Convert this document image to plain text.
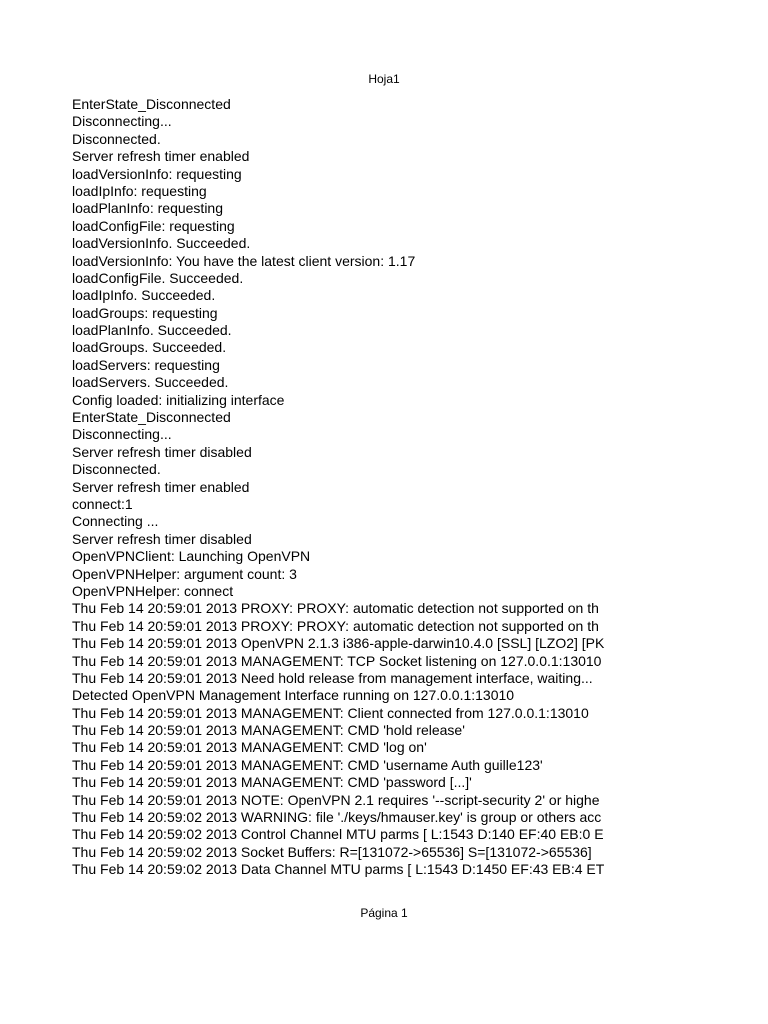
Hoja1
EnterState_Disconnected
Disconnecting...
Disconnected.
Server refresh timer enabled
loadVersionInfo: requesting
loadIpInfo: requesting
loadPlanInfo: requesting
loadConfigFile: requesting
loadVersionInfo. Succeeded.
loadVersionInfo: You have the latest client version: 1.17
loadConfigFile. Succeeded.
loadIpInfo. Succeeded.
loadGroups: requesting
loadPlanInfo. Succeeded.
loadGroups. Succeeded.
loadServers: requesting
loadServers. Succeeded.
Config loaded: initializing interface
EnterState_Disconnected
Disconnecting...
Server refresh timer disabled
Disconnected.
Server refresh timer enabled
connect:1
Connecting ...
Server refresh timer disabled
OpenVPNClient: Launching OpenVPN
OpenVPNHelper: argument count: 3
OpenVPNHelper: connect
Thu Feb 14 20:59:01 2013 PROXY: PROXY: automatic detection not supported on th
Thu Feb 14 20:59:01 2013 PROXY: PROXY: automatic detection not supported on th
Thu Feb 14 20:59:01 2013 OpenVPN 2.1.3 i386-apple-darwin10.4.0 [SSL] [LZO2] [PK
Thu Feb 14 20:59:01 2013 MANAGEMENT: TCP Socket listening on 127.0.0.1:13010
Thu Feb 14 20:59:01 2013 Need hold release from management interface, waiting...
Detected OpenVPN Management Interface running on 127.0.0.1:13010
Thu Feb 14 20:59:01 2013 MANAGEMENT: Client connected from 127.0.0.1:13010
Thu Feb 14 20:59:01 2013 MANAGEMENT: CMD 'hold release'
Thu Feb 14 20:59:01 2013 MANAGEMENT: CMD 'log on'
Thu Feb 14 20:59:01 2013 MANAGEMENT: CMD 'username Auth guille123'
Thu Feb 14 20:59:01 2013 MANAGEMENT: CMD 'password [...]'
Thu Feb 14 20:59:01 2013 NOTE: OpenVPN 2.1 requires '--script-security 2' or highe
Thu Feb 14 20:59:02 2013 WARNING: file './keys/hmauser.key' is group or others acc
Thu Feb 14 20:59:02 2013 Control Channel MTU parms [ L:1543 D:140 EF:40 EB:0 E
Thu Feb 14 20:59:02 2013 Socket Buffers: R=[131072->65536] S=[131072->65536]
Thu Feb 14 20:59:02 2013 Data Channel MTU parms [ L:1543 D:1450 EF:43 EB:4 ET
Página 1
